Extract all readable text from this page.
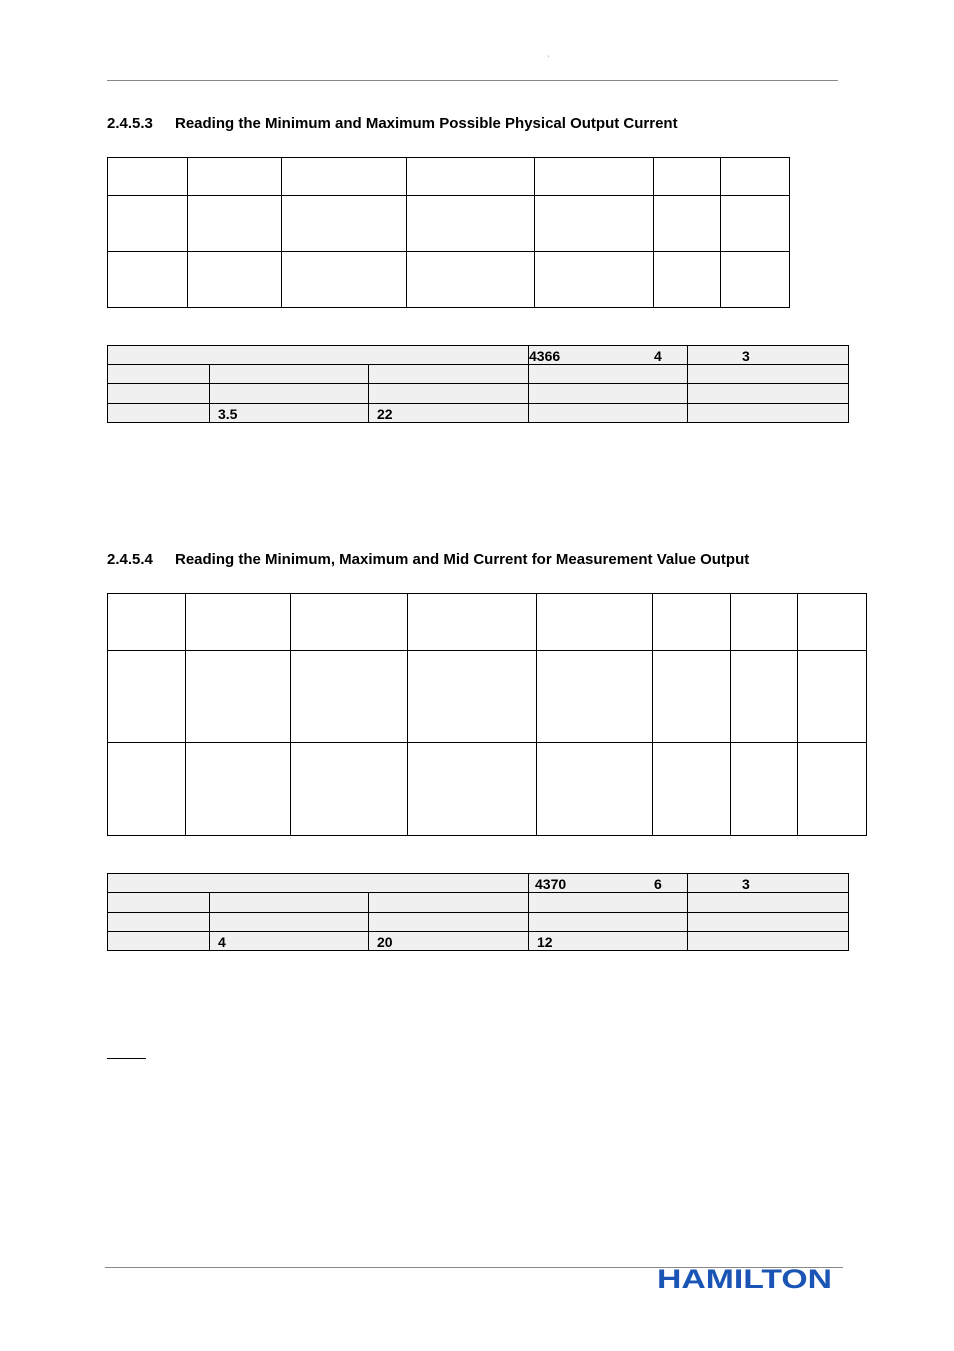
'
2.4.5.3 Reading the Minimum and Maximum Possible Physical Output Current

			4366 4	3

	3.5	22		
2.4.5.4 Reading the Minimum, Maximum and Mid Current for Measurement Value Output

			4370 6	3

	4	20	12	
HAMILTON
